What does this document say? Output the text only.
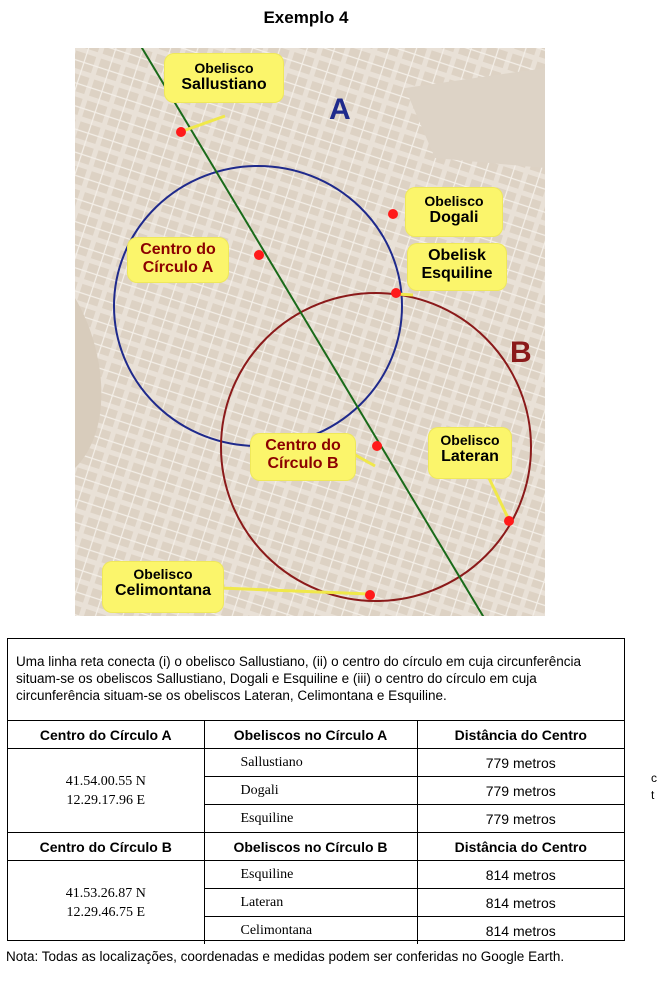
Exemplo 4
A
B
Obelisco
Sallustiano
Obelisco
Dogali
Obelisk
Esquiline
Centro do
Círculo A
Centro do
Círculo B
Obelisco
Lateran
Obelisco
Celimontana
Uma linha reta conecta (i) o obelisco Sallustiano, (ii) o centro do círculo em cuja circunferência situam-se os obeliscos Sallustiano, Dogali e Esquiline e (iii) o centro do círculo em cuja circunferência situam-se os obeliscos Lateran, Celimontana e Esquiline.
Centro do Círculo A	Obeliscos no Círculo A	Distância do Centro

41.54.00.55 N
12.29.17.96 E	Sallustiano	779 metros
	Dogali	779 metros
	Esquiline	779 metros
Centro do Círculo B	Obeliscos no Círculo B	Distância do Centro

41.53.26.87 N
12.29.46.75 E	Esquiline	814 metros
	Lateran	814 metros
	Celimontana	814 metros
c
t
Nota: Todas as localizações, coordenadas e medidas podem ser conferidas no Google Earth.
